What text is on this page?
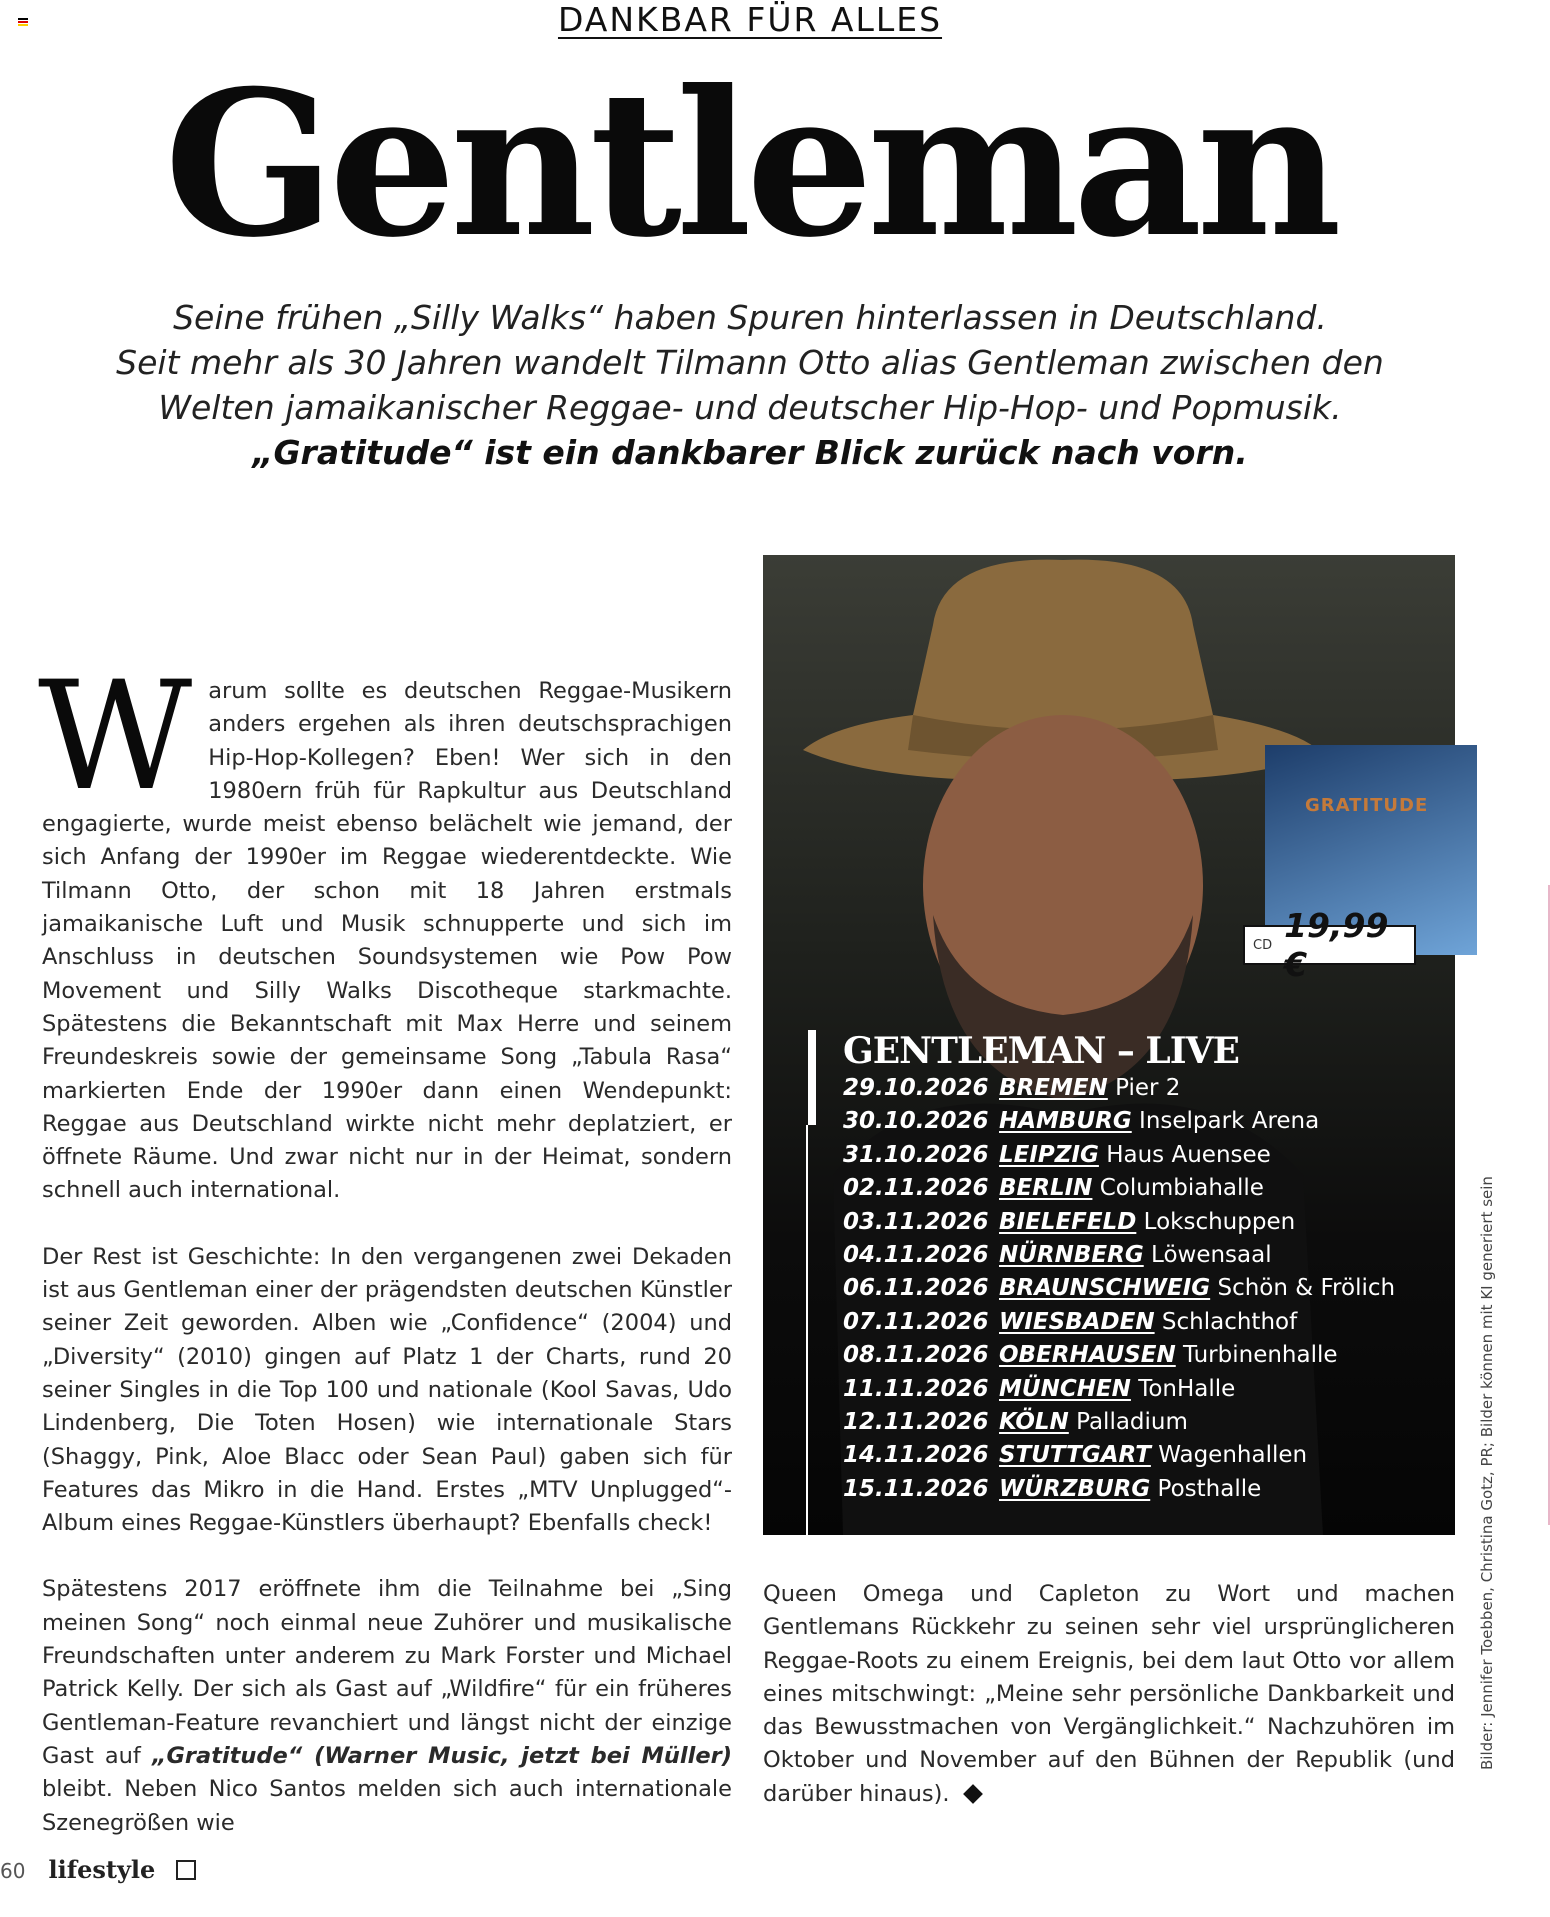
DANKBAR FÜR ALLES
Gentleman
Seine frühen „Silly Walks“ haben Spuren hinterlassen in Deutschland.
Seit mehr als 30 Jahren wandelt Tilmann Otto alias Gentleman zwischen den
Welten jamaikanischer Reggae- und deutscher Hip-Hop- und Popmusik.
„Gratitude“ ist ein dankbarer Blick zurück nach vorn.

W arum sollte es deutschen Reggae-Musikern anders ergehen als ihren deutschsprachigen Hip-Hop-Kollegen? Eben! Wer sich in den 1980ern früh für Rapkultur aus Deutschland engagierte, wurde meist ebenso belächelt wie jemand, der sich Anfang der 1990er im Reggae wiederentdeckte. Wie Tilmann Otto, der schon mit 18 Jahren erstmals jamaikanische Luft und Musik schnupperte und sich im Anschluss in deutschen Soundsystemen wie Pow Pow Movement und Silly Walks Discotheque starkmachte. Spätestens die Bekanntschaft mit Max Herre und seinem Freundeskreis sowie der gemeinsame Song „Tabula Rasa“ markierten Ende der 1990er dann einen Wendepunkt: Reggae aus Deutschland wirkte nicht mehr deplatziert, er öffnete Räume. Und zwar nicht nur in der Heimat, sondern schnell auch international.

Der Rest ist Geschichte: In den vergangenen zwei Dekaden ist aus Gentleman einer der prägendsten deutschen Künstler seiner Zeit geworden. Alben wie „Confidence“ (2004) und „Diversity“ (2010) gingen auf Platz 1 der Charts, rund 20 seiner Singles in die Top 100 und nationale (Kool Savas, Udo Lindenberg, Die Toten Hosen) wie internationale Stars (Shaggy, Pink, Aloe Blacc oder Sean Paul) gaben sich für Features das Mikro in die Hand. Erstes „MTV Unplugged“-Album eines Reggae-Künstlers überhaupt? Ebenfalls check!

Spätestens 2017 eröffnete ihm die Teilnahme bei „Sing meinen Song“ noch einmal neue Zuhörer und musikalische Freundschaften unter anderem zu Mark Forster und Michael Patrick Kelly. Der sich als Gast auf „Wildfire“ für ein früheres Gentleman-Feature revanchiert und längst nicht der einzige Gast auf „Gratitude“ (Warner Music, jetzt bei Müller) bleibt. Neben Nico Santos melden sich auch internationale Szenegrößen wie

GRATITUDE
CD 19,99 €
GENTLEMAN – LIVE
29.10.2026 BREMEN Pier 2
30.10.2026 HAMBURG Inselpark Arena
31.10.2026 LEIPZIG Haus Auensee
02.11.2026 BERLIN Columbiahalle
03.11.2026 BIELEFELD Lokschuppen
04.11.2026 NÜRNBERG Löwensaal
06.11.2026 BRAUNSCHWEIG Schön & Frölich
07.11.2026 WIESBADEN Schlachthof
08.11.2026 OBERHAUSEN Turbinenhalle
11.11.2026 MÜNCHEN TonHalle
12.11.2026 KÖLN Palladium
14.11.2026 STUTTGART Wagenhallen
15.11.2026 WÜRZBURG Posthalle

Queen Omega und Capleton zu Wort und machen Gentlemans Rückkehr zu seinen sehr viel ursprünglicheren Reggae-Roots zu einem Ereignis, bei dem laut Otto vor allem eines mitschwingt: „Meine sehr persönliche Dankbarkeit und das Bewusstmachen von Vergänglichkeit.“ Nachzuhören im Oktober und November auf den Bühnen der Republik (und darüber hinaus).

Bilder: Jennifer Toebben, Christina Gotz, PR; Bilder können mit KI generiert sein
60 lifestyle
